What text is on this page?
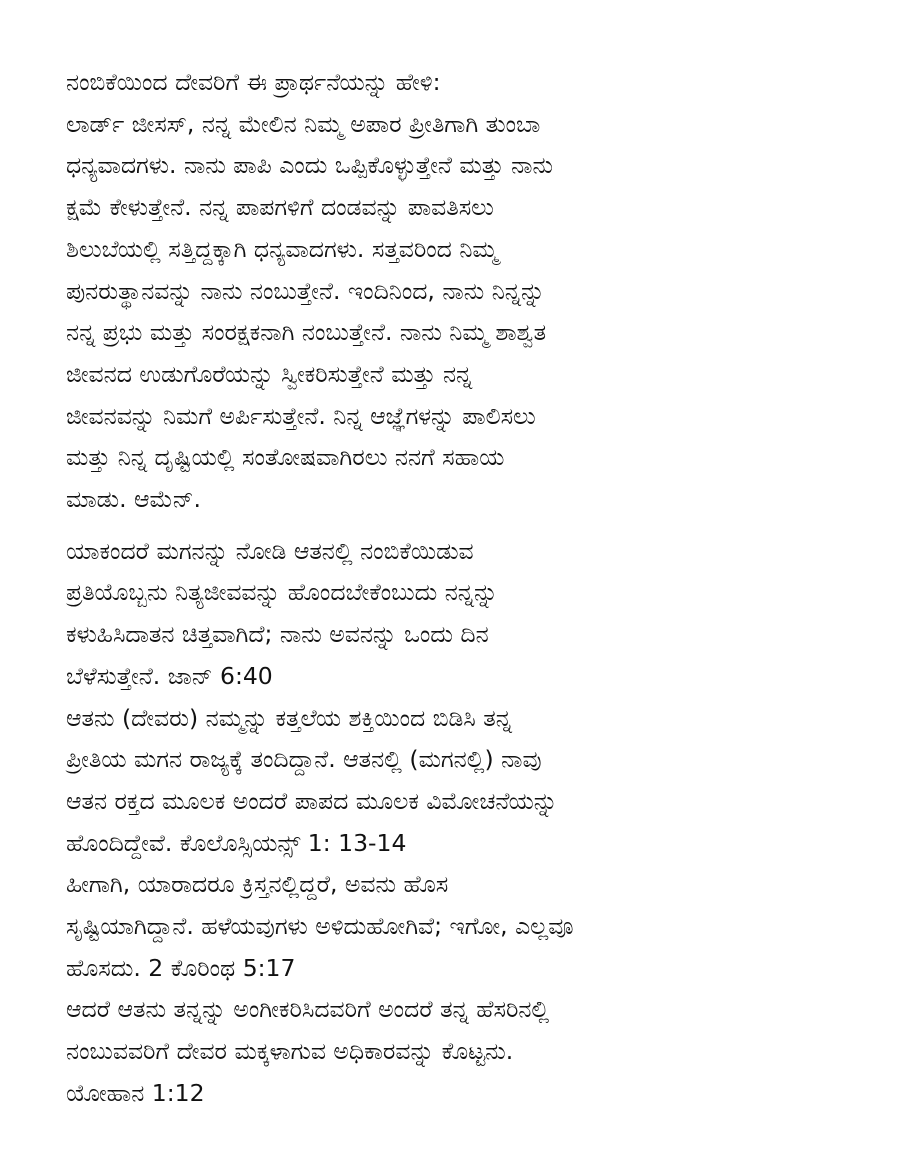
ನಂಬಿಕೆಯಿಂದ ದೇವರಿಗೆ ಈ ಪ್ರಾರ್ಥನೆಯನ್ನು ಹೇಳಿ:
ಲಾರ್ಡ್ ಜೀಸಸ್, ನನ್ನ ಮೇಲಿನ ನಿಮ್ಮ ಅಪಾರ ಪ್ರೀತಿಗಾಗಿ ತುಂಬಾ
ಧನ್ಯವಾದಗಳು. ನಾನು ಪಾಪಿ ಎಂದು ಒಪ್ಪಿಕೊಳ್ಳುತ್ತೇನೆ ಮತ್ತು ನಾನು
ಕ್ಷಮೆ ಕೇಳುತ್ತೇನೆ. ನನ್ನ ಪಾಪಗಳಿಗೆ ದಂಡವನ್ನು ಪಾವತಿಸಲು
ಶಿಲುಬೆಯಲ್ಲಿ ಸತ್ತಿದ್ದಕ್ಕಾಗಿ ಧನ್ಯವಾದಗಳು. ಸತ್ತವರಿಂದ ನಿಮ್ಮ
ಪುನರುತ್ಥಾನವನ್ನು ನಾನು ನಂಬುತ್ತೇನೆ. ಇಂದಿನಿಂದ, ನಾನು ನಿನ್ನನ್ನು
ನನ್ನ ಪ್ರಭು ಮತ್ತು ಸಂರಕ್ಷಕನಾಗಿ ನಂಬುತ್ತೇನೆ. ನಾನು ನಿಮ್ಮ ಶಾಶ್ವತ
ಜೀವನದ ಉಡುಗೊರೆಯನ್ನು ಸ್ವೀಕರಿಸುತ್ತೇನೆ ಮತ್ತು ನನ್ನ
ಜೀವನವನ್ನು ನಿಮಗೆ ಅರ್ಪಿಸುತ್ತೇನೆ. ನಿನ್ನ ಆಜ್ಞೆಗಳನ್ನು ಪಾಲಿಸಲು
ಮತ್ತು ನಿನ್ನ ದೃಷ್ಟಿಯಲ್ಲಿ ಸಂತೋಷವಾಗಿರಲು ನನಗೆ ಸಹಾಯ
ಮಾಡು. ಆಮೆನ್.
ಯಾಕಂದರೆ ಮಗನನ್ನು ನೋಡಿ ಆತನಲ್ಲಿ ನಂಬಿಕೆಯಿಡುವ
ಪ್ರತಿಯೊಬ್ಬನು ನಿತ್ಯಜೀವವನ್ನು ಹೊಂದಬೇಕೆಂಬುದು ನನ್ನನ್ನು
ಕಳುಹಿಸಿದಾತನ ಚಿತ್ತವಾಗಿದೆ; ನಾನು ಅವನನ್ನು ಒಂದು ದಿನ
ಬೆಳೆಸುತ್ತೇನೆ. ಜಾನ್ 6:40
ಆತನು (ದೇವರು) ನಮ್ಮನ್ನು ಕತ್ತಲೆಯ ಶಕ್ತಿಯಿಂದ ಬಿಡಿಸಿ ತನ್ನ
ಪ್ರೀತಿಯ ಮಗನ ರಾಜ್ಯಕ್ಕೆ ತಂದಿದ್ದಾನೆ. ಆತನಲ್ಲಿ (ಮಗನಲ್ಲಿ) ನಾವು
ಆತನ ರಕ್ತದ ಮೂಲಕ ಅಂದರೆ ಪಾಪದ ಮೂಲಕ ವಿಮೋಚನೆಯನ್ನು
ಹೊಂದಿದ್ದೇವೆ. ಕೊಲೊಸ್ಸಿಯನ್ಸ್ 1: 13-14
ಹೀಗಾಗಿ, ಯಾರಾದರೂ ಕ್ರಿಸ್ತನಲ್ಲಿದ್ದರೆ, ಅವನು ಹೊಸ
ಸೃಷ್ಟಿಯಾಗಿದ್ದಾನೆ. ಹಳೆಯವುಗಳು ಅಳಿದುಹೋಗಿವೆ; ಇಗೋ, ಎಲ್ಲವೂ
ಹೊಸದು. 2 ಕೊರಿಂಥ 5:17
ಆದರೆ ಆತನು ತನ್ನನ್ನು ಅಂಗೀಕರಿಸಿದವರಿಗೆ ಅಂದರೆ ತನ್ನ ಹೆಸರಿನಲ್ಲಿ
ನಂಬುವವರಿಗೆ ದೇವರ ಮಕ್ಕಳಾಗುವ ಅಧಿಕಾರವನ್ನು ಕೊಟ್ಟನು.
ಯೋಹಾನ 1:12
